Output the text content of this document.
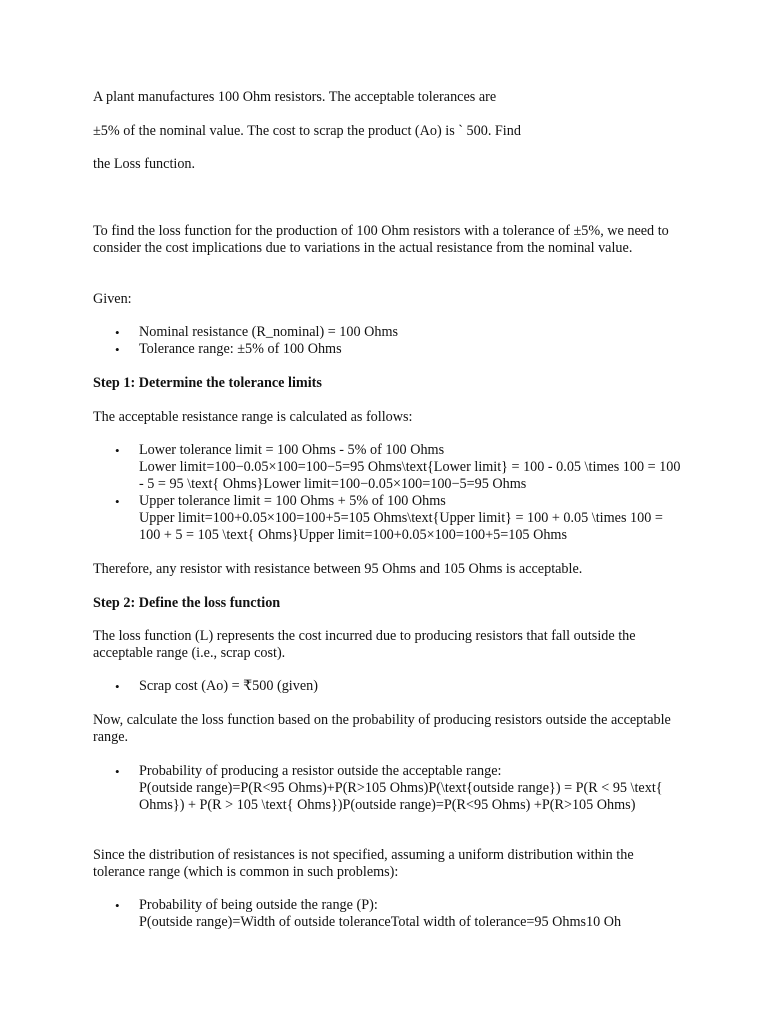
A plant manufactures 100 Ohm resistors. The acceptable tolerances are

±5% of the nominal value. The cost to scrap the product (Ao) is ` 500. Find

the Loss function.

To find the loss function for the production of 100 Ohm resistors with a tolerance of ±5%, we need to consider the cost implications due to variations in the actual resistance from the nominal value.

Given:

• Nominal resistance (R_nominal) = 100 Ohms
• Tolerance range: ±5% of 100 Ohms

Step 1: Determine the tolerance limits

The acceptable resistance range is calculated as follows:

• Lower tolerance limit = 100 Ohms - 5% of 100 Ohms
Lower limit=100−0.05×100=100−5=95 Ohms\text{Lower limit} = 100 - 0.05 \times 100 = 100 - 5 = 95 \text{ Ohms}Lower limit=100−0.05×100=100−5=95 Ohms
• Upper tolerance limit = 100 Ohms + 5% of 100 Ohms
Upper limit=100+0.05×100=100+5=105 Ohms\text{Upper limit} = 100 + 0.05 \times 100 = 100 + 5 = 105 \text{ Ohms}Upper limit=100+0.05×100=100+5=105 Ohms

Therefore, any resistor with resistance between 95 Ohms and 105 Ohms is acceptable.

Step 2: Define the loss function

The loss function (L) represents the cost incurred due to producing resistors that fall outside the acceptable range (i.e., scrap cost).

• Scrap cost (Ao) = ₹500 (given)

Now, calculate the loss function based on the probability of producing resistors outside the acceptable range.

• Probability of producing a resistor outside the acceptable range:
P(outside range)=P(R<95 Ohms)+P(R>105 Ohms)P(\text{outside range}) = P(R < 95 \text{ Ohms}) + P(R > 105 \text{ Ohms})P(outside range)=P(R<95 Ohms) +P(R>105 Ohms)

Since the distribution of resistances is not specified, assuming a uniform distribution within the tolerance range (which is common in such problems):

• Probability of being outside the range (P):
P(outside range)=Width of outside toleranceTotal width of tolerance=95 Ohms10 Oh
